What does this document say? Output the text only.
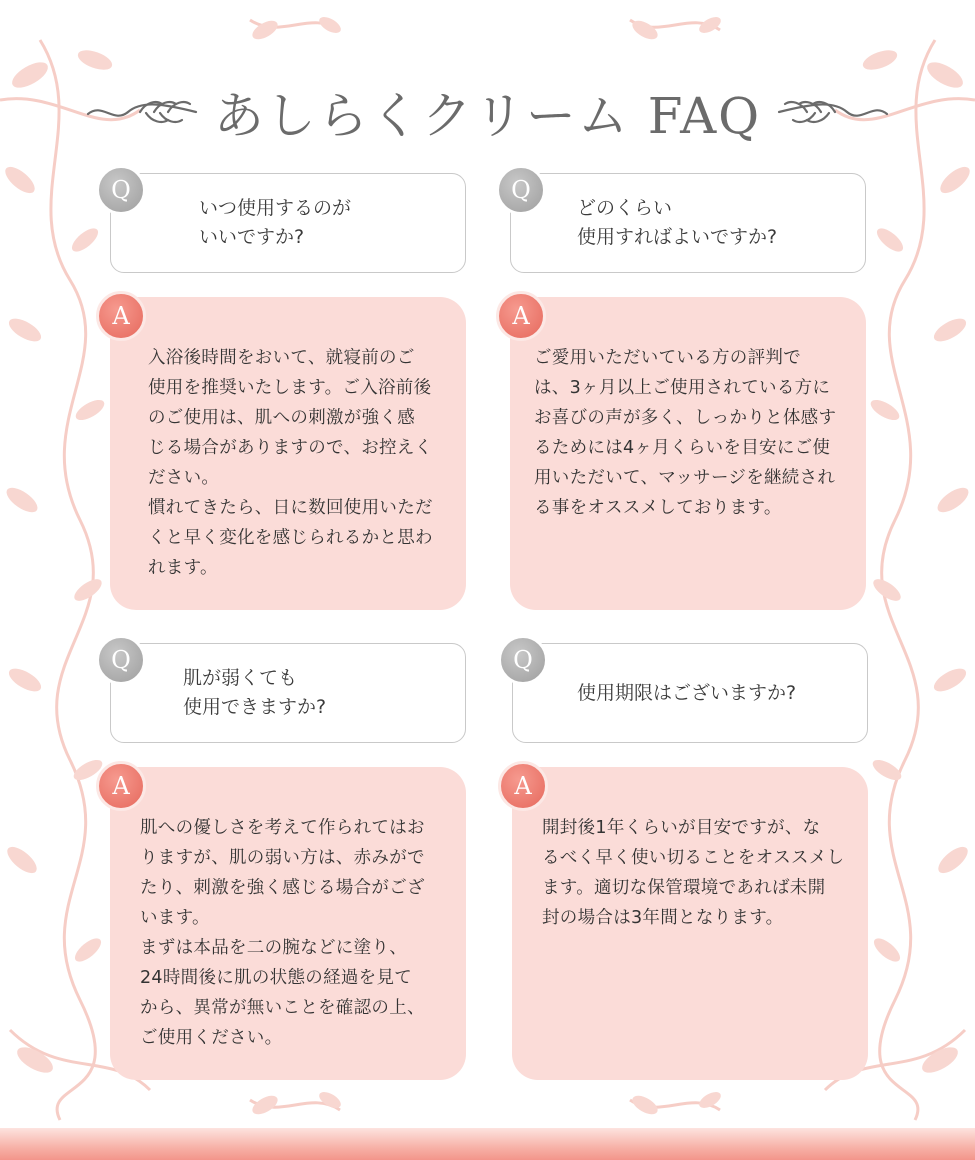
あしらくクリーム FAQ
いつ使用するのが
いいですか?
Q
入浴後時間をおいて、就寝前のご
使用を推奨いたします。ご入浴前後
のご使用は、肌への刺激が強く感
じる場合がありますので、お控えく
ださい。
慣れてきたら、日に数回使用いただ
くと早く変化を感じられるかと思わ
れます。
A
どのくらい
使用すればよいですか?
Q
ご愛用いただいている方の評判で
は、3ヶ月以上ご使用されている方に
お喜びの声が多く、しっかりと体感す
るためには4ヶ月くらいを目安にご使
用いただいて、マッサージを継続され
る事をオススメしております。
A
肌が弱くても
使用できますか?
Q
肌への優しさを考えて作られてはお
りますが、肌の弱い方は、赤みがで
たり、刺激を強く感じる場合がござ
います。
まずは本品を二の腕などに塗り、
24時間後に肌の状態の経過を見て
から、異常が無いことを確認の上、
ご使用ください。
A
使用期限はございますか?
Q
開封後1年くらいが目安ですが、な
るべく早く使い切ることをオススメし
ます。適切な保管環境であれば未開
封の場合は3年間となります。
A
